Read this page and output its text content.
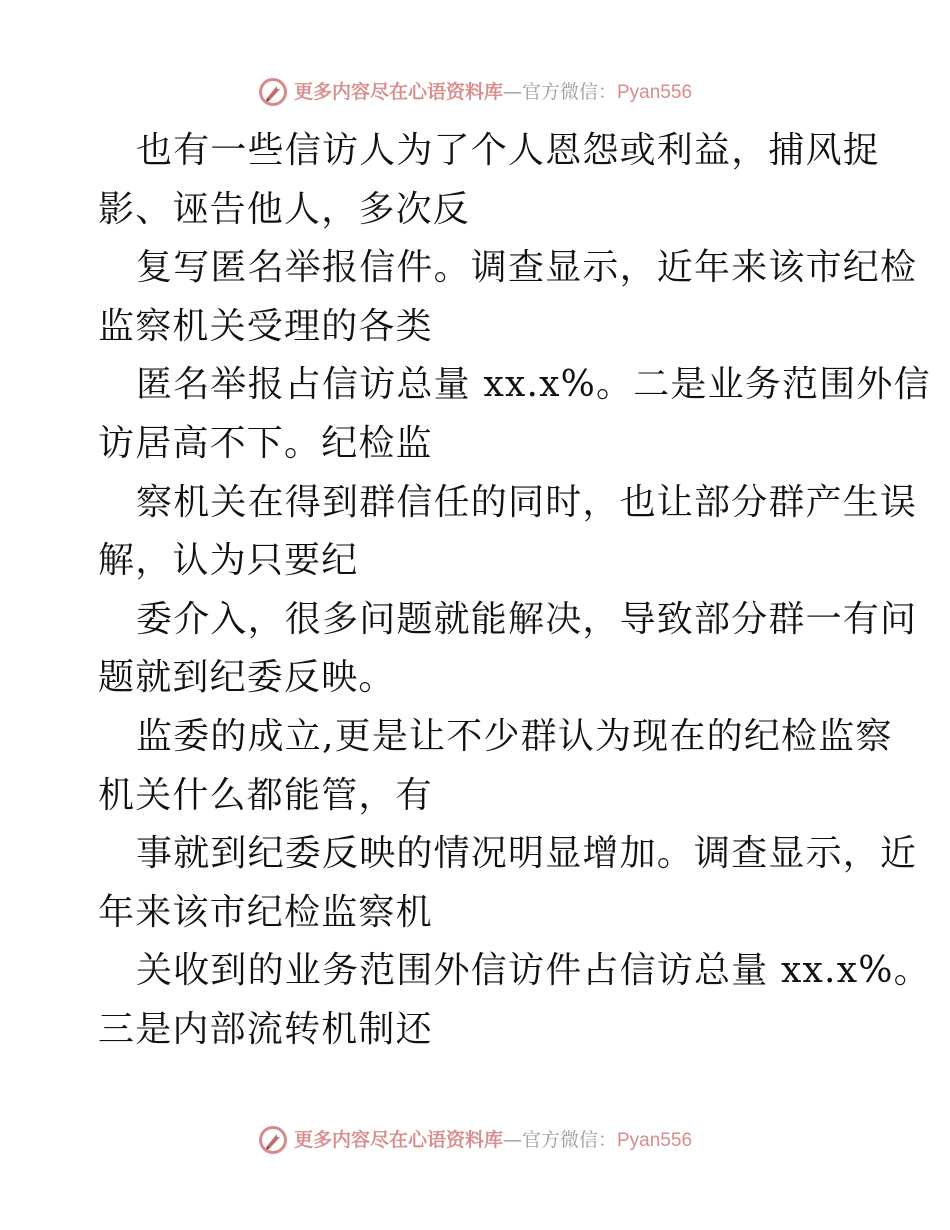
更多内容尽在心语资料库 — 官方微信： Pyan556
也有一些信访人为了个人恩怨或利益，捕风捉
影、诬告他人，多次反
复写匿名举报信件。调查显示，近年来该市纪检
监察机关受理的各类
匿名举报占信访总量 xx.x%。二是业务范围外信
访居高不下。纪检监
察机关在得到群信任的同时，也让部分群产生误
解，认为只要纪
委介入，很多问题就能解决，导致部分群一有问
题就到纪委反映。
监委的成立,更是让不少群认为现在的纪检监察
机关什么都能管，有
事就到纪委反映的情况明显增加。调查显示，近
年来该市纪检监察机
关收到的业务范围外信访件占信访总量 xx.x%。
三是内部流转机制还
更多内容尽在心语资料库 — 官方微信： Pyan556
